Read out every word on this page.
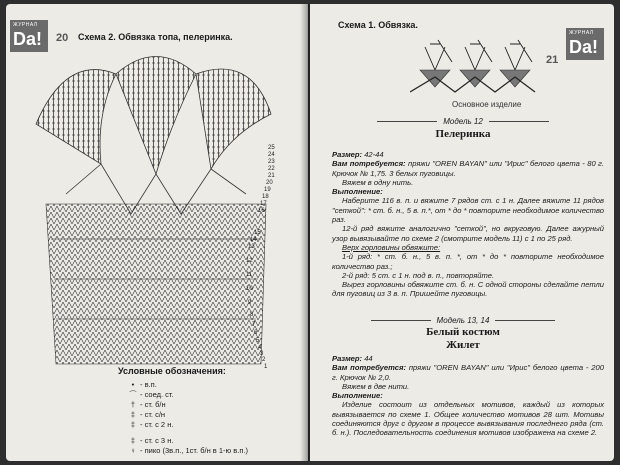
ЖУРНАЛ
Da! 20 Схема 2. Обвязка топа, пелеринка.
25
24
23
22
21
20
19
18
17
16
15
14
13
12
11
10
9
8
7
6
5
4
3
2
1
Условные обозначения:
• - в.п.
⌒ - соед. ст.
† - ст. б/н
‡ - ст. с/н
‡ - ст. с 2 н.
‡ - ст. с 3 н.
♀ - пико (3в.п., 1ст. б/н в 1-ю в.п.)
Схема 1. Обвязка.
21
ЖУРНАЛ
Da!
Основное изделие
Модель 12
Пелеринка

Размер: 42-44

Вам потребуется: пряжи "OREN BAYAN" или "Ирис" белого цвета - 80 г. Крючок № 1,75. 3 белых пуговицы.

Вяжем в одну нить.

Выполнение:

Наберите 116 в. п. и вяжите 7 рядов ст. с 1 н. Далее вяжите 11 рядов "сеткой": * ст. б. н., 5 в. п.*, от * до * повторите необходимое количество раз.

12-й ряд вяжите аналогично "сеткой", но вкруговую. Далее ажурный узор вывязывайте по схеме 2 (смотрите модель 11) с 1 по 25 ряд.

Верх горловины обвяжите:

1-й ряд: * ст. б. н., 5 в. п. *, от * до * повторите необходимое количество раз.;

2-й ряд: 5 ст. с 1 н. под в. п., повторяйте.

Вырез горловины обвяжите ст. б. н. С одной стороны сделайте петли для пуговиц из 3 в. п. Пришейте пуговицы.

Модель 13, 14
Белый костюм
Жилет

Размер: 44

Вам потребуется: пряжи "OREN BAYAN" или "Ирис" белого цвета - 200 г. Крючок № 2,0.

Вяжем в две нити.

Выполнение:

Изделие состоит из отдельных мотивов, каждый из которых вывязывается по схеме 1. Общее количество мотивов 28 шт. Мотивы соединяются друг с другом в процессе вывязывания последнего ряда (ст. б. н.). Последовательность соединения мотивов изображена на схеме 2.
